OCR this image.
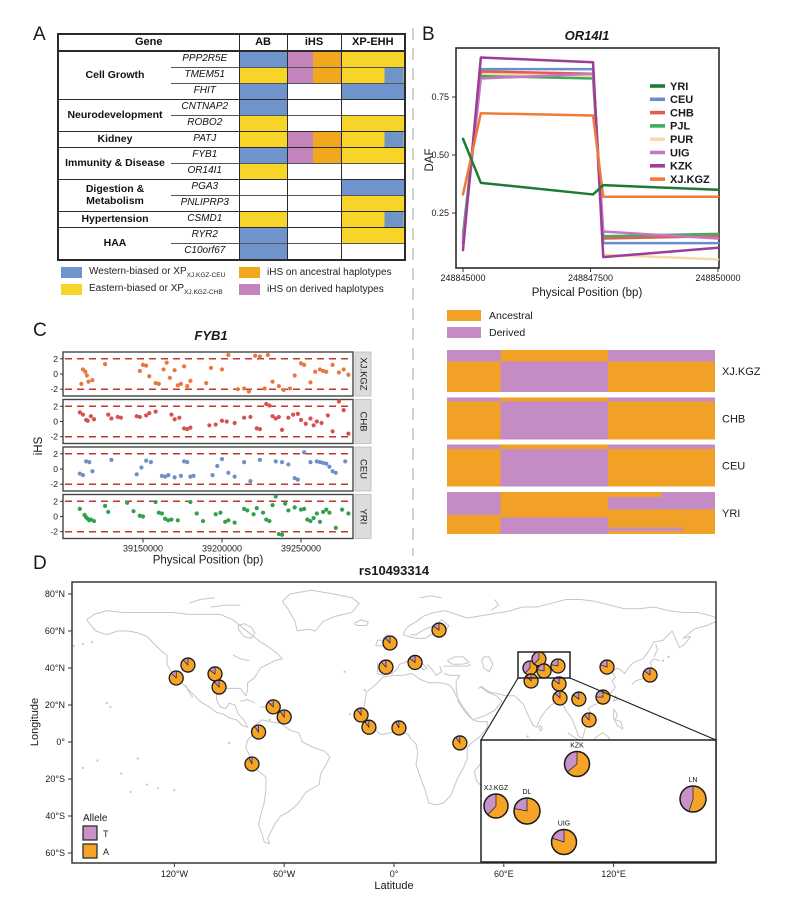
OR14I1
248845000	248847500	248850000
0.25
0.50
0.75
Physical Position (bp)
DAF
YRI
CEU
CHB
PJL
PUR
UIG
KZK
XJ.KGZ
Ancestral
Derived
XJ.KGZ
CHB
CEU
YRI
FYB1
iHS
2
0
-2	XJ.KGZ
2
0
-2
CHB
2
0
-2
CEU
2
0
-2
YRI
39150000	39200000	39250000
Physical Position (bp)
rs10493314
120°W	60°W	0°	60°E	120°E
80°N
60°N
40°N
20°N
0°
20°S
40°S
60°S
Latitude
Longitude
XJ.KGZ
DL
UIG
KZK
LN
Allele
T
A
A	B
C
D
Gene		AB	iHS	XP-EHH
Cell Growth	PPP2R5E			
	TMEM51			
	FHIT			
Neurodevelopment	CNTNAP2			
	ROBO2			
Kidney	PATJ			
Immunity & Disease	FYB1			
	OR14I1			
Digestion & Metabolism	PGA3			
	PNLIPRP3			
Hypertension	CSMD1			
HAA	RYR2			
	C10orf67			
Western-biased or $XP_{XJ.KGZ-CEU}$	iHS on ancestral haplotypes
Eastern-biased or $XP_{XJ.KGZ-CHB}$	iHS on derived haplotypes
